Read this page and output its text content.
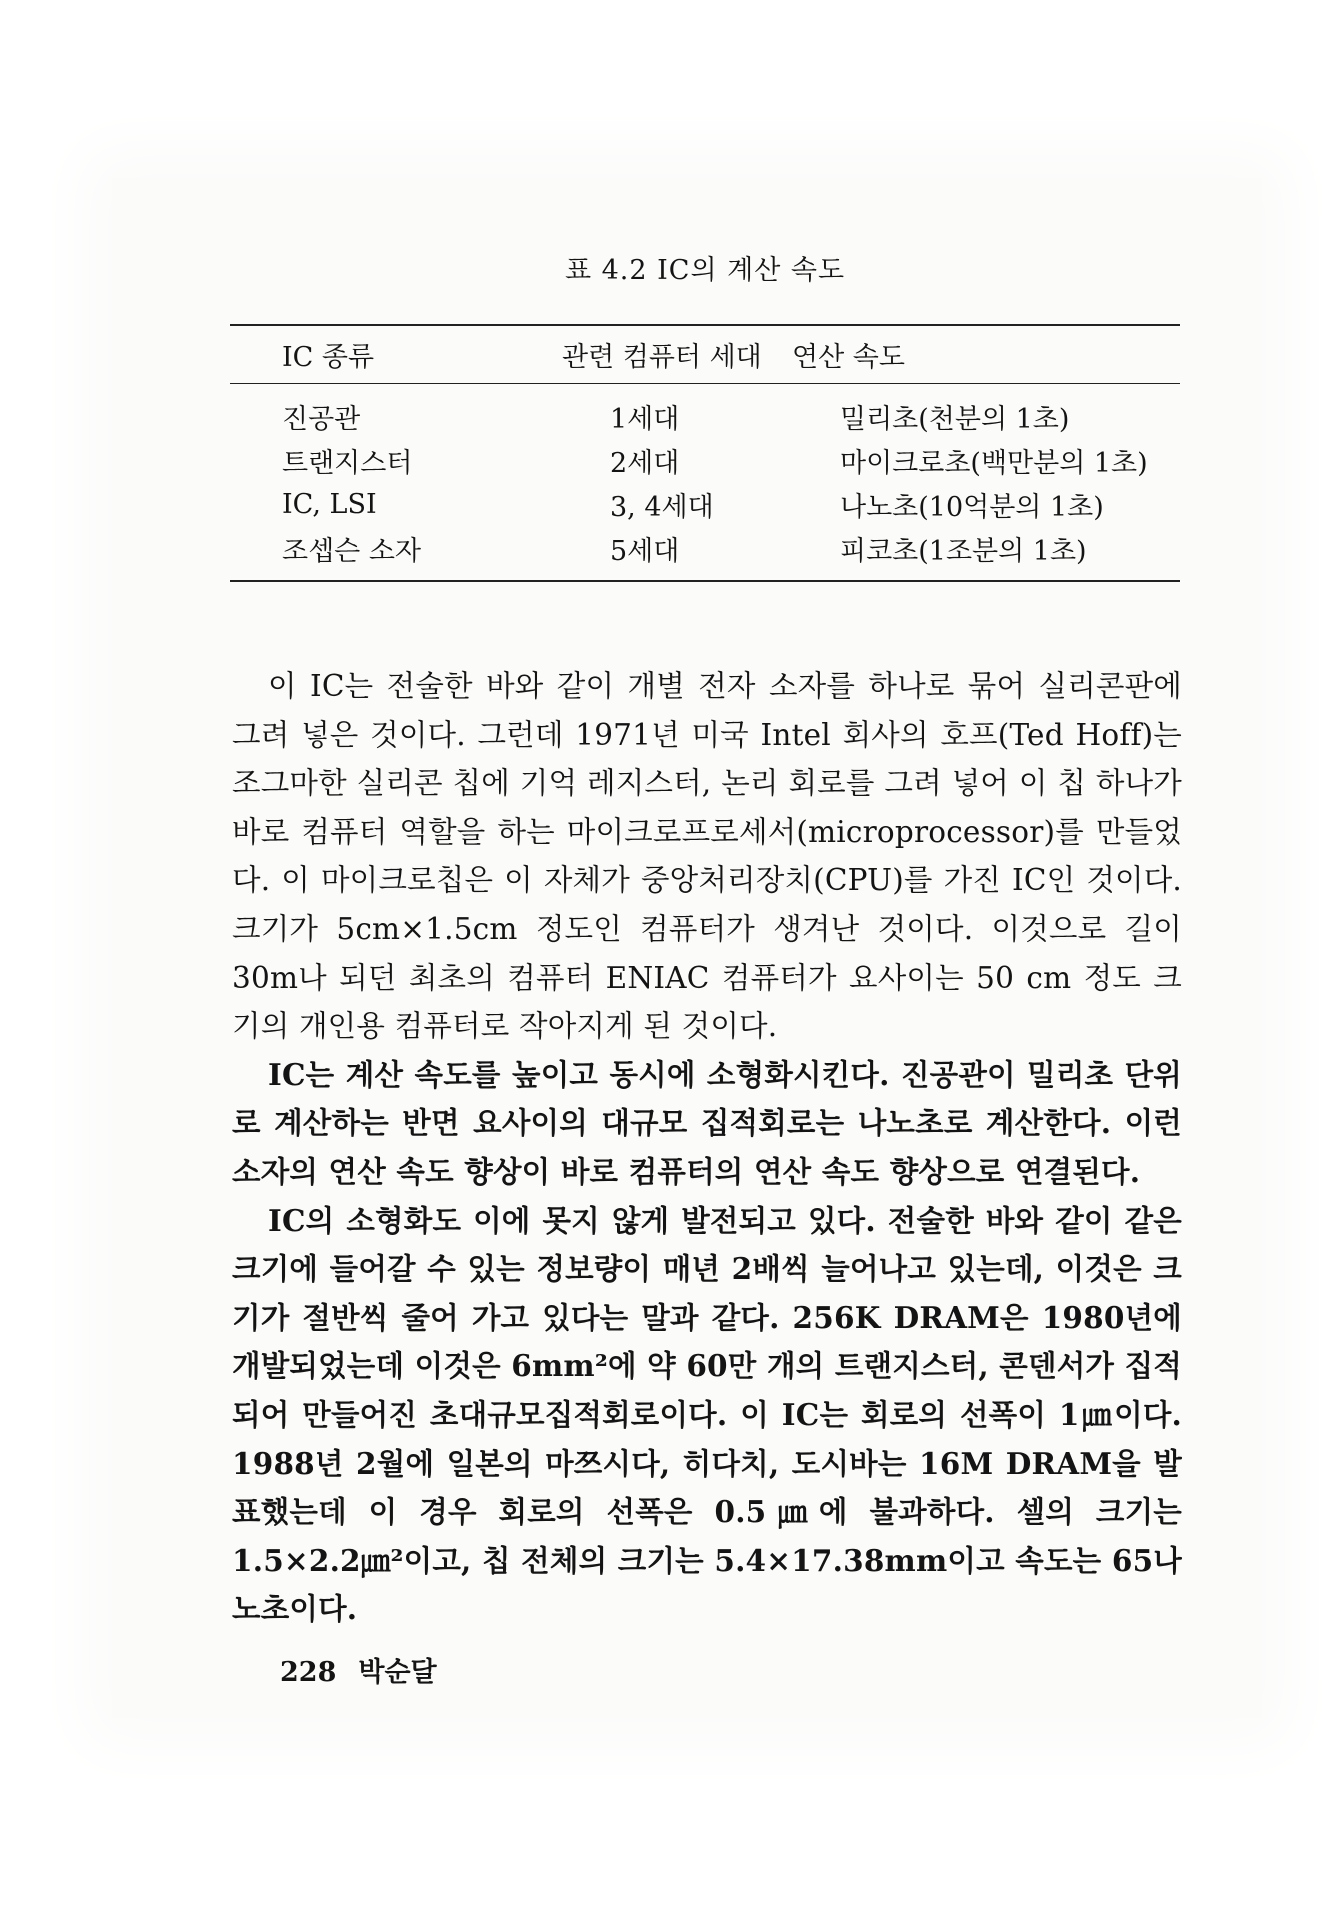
표 4.2 IC의 계산 속도
IC 종류	관련 컴퓨터 세대	연산 속도
진공관	1세대	밀리초(천분의 1초)
트랜지스터	2세대	마이크로초(백만분의 1초)
IC, LSI	3, 4세대	나노초(10억분의 1초)
조셉슨 소자	5세대	피코초(1조분의 1초)

이 IC는 전술한 바와 같이 개별 전자 소자를 하나로 묶어 실리콘판에 그려 넣은 것이다. 그런데 1971년 미국 Intel 회사의 호프(Ted Hoff)는 조그마한 실리콘 칩에 기억 레지스터, 논리 회로를 그려 넣어 이 칩 하나가 바로 컴퓨터 역할을 하는 마이크로프로세서(microprocessor)를 만들었다. 이 마이크로칩은 이 자체가 중앙처리장치(CPU)를 가진 IC인 것이다. 크기가 5cm×1.5cm 정도인 컴퓨터가 생겨난 것이다. 이것으로 길이 30m나 되던 최초의 컴퓨터 ENIAC 컴퓨터가 요사이는 50 cm 정도 크기의 개인용 컴퓨터로 작아지게 된 것이다.

IC는 계산 속도를 높이고 동시에 소형화시킨다. 진공관이 밀리초 단위로 계산하는 반면 요사이의 대규모 집적회로는 나노초로 계산한다. 이런 소자의 연산 속도 향상이 바로 컴퓨터의 연산 속도 향상으로 연결된다.

IC의 소형화도 이에 못지 않게 발전되고 있다. 전술한 바와 같이 같은 크기에 들어갈 수 있는 정보량이 매년 2배씩 늘어나고 있는데, 이것은 크기가 절반씩 줄어 가고 있다는 말과 같다. 256K DRAM은 1980년에 개발되었는데 이것은 6mm²에 약 60만 개의 트랜지스터, 콘덴서가 집적되어 만들어진 초대규모집적회로이다. 이 IC는 회로의 선폭이 1㎛이다. 1988년 2월에 일본의 마쯔시다, 히다치, 도시바는 16M DRAM을 발표했는데 이 경우 회로의 선폭은 0.5㎛에 불과하다. 셀의 크기는 1.5×2.2㎛²이고, 칩 전체의 크기는 5.4×17.38mm이고 속도는 65나노초이다.

228 박순달
